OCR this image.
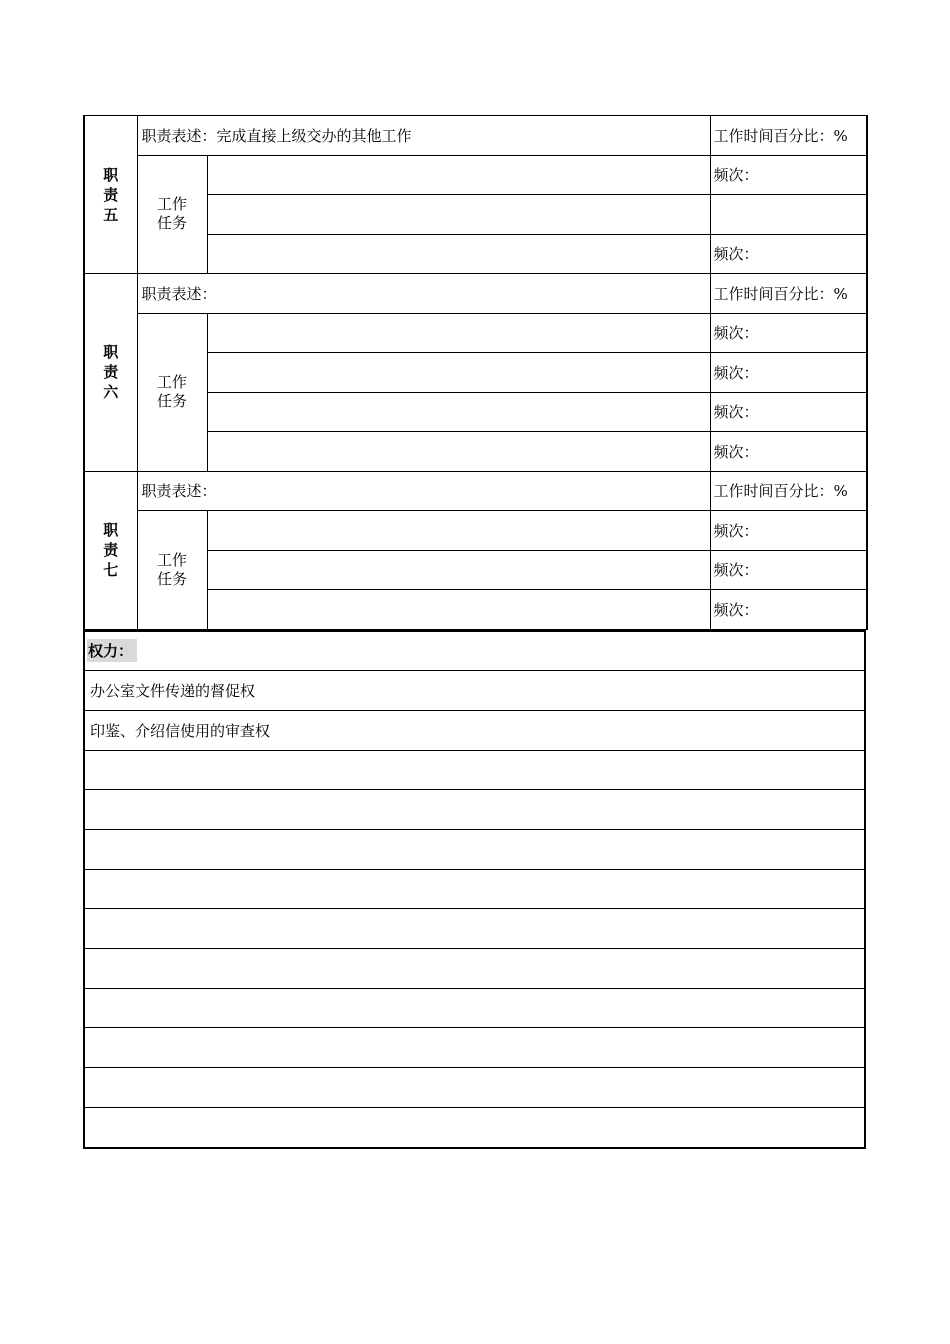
职
责
五	职责表述：完成直接上级交办的其他工作		工作时间百分比：%

	工作
任务		频次：

			频次：

职
责
六	职责表述：		工作时间百分比：%

	工作
任务		频次：
			频次：
			频次：
			频次：

职
责
七	职责表述：		工作时间百分比：%

	工作
任务		频次：
			频次：
			频次：
权力：
办公室文件传递的督促权
印鉴、介绍信使用的审查权
